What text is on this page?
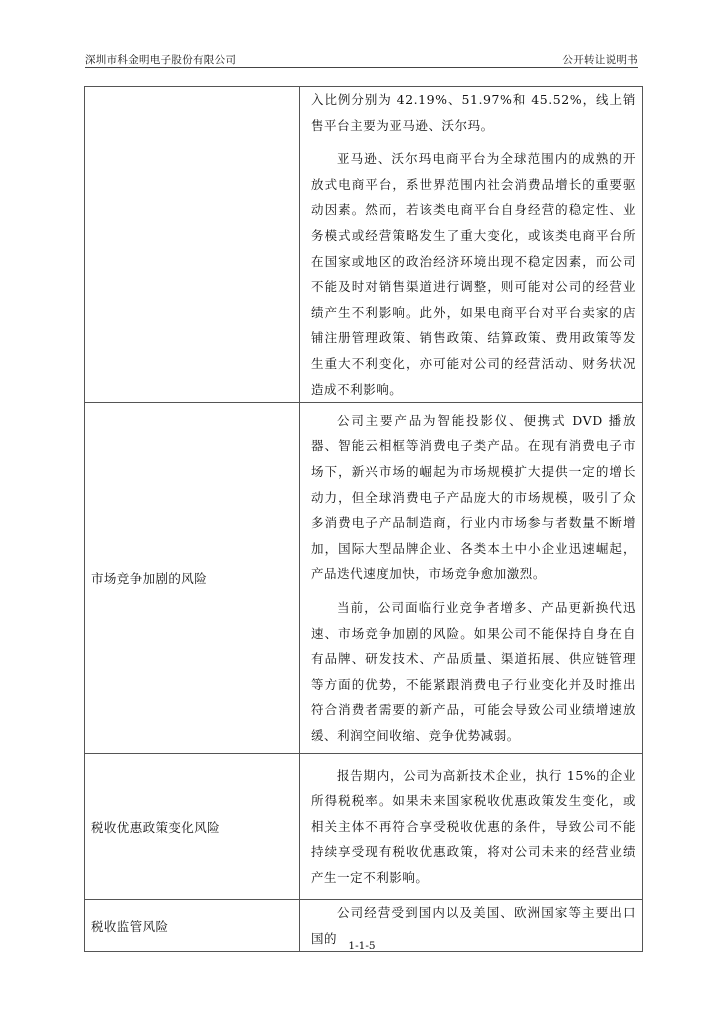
深圳市科金明电子股份有限公司	公开转让说明书

	入比例分别为 42.19%、51.97%和 45.52%，线上销售平台主要为亚马逊、沃尔玛。

亚马逊、沃尔玛电商平台为全球范围内的成熟的开放式电商平台，系世界范围内社会消费品增长的重要驱动因素。然而，若该类电商平台自身经营的稳定性、业务模式或经营策略发生了重大变化，或该类电商平台所在国家或地区的政治经济环境出现不稳定因素，而公司不能及时对销售渠道进行调整，则可能对公司的经营业绩产生不利影响。此外，如果电商平台对平台卖家的店铺注册管理政策、销售政策、结算政策、费用政策等发生重大不利变化，亦可能对公司的经营活动、财务状况造成不利影响。

市场竞争加剧的风险	公司主要产品为智能投影仪、便携式 DVD 播放器、智能云相框等消费电子类产品。在现有消费电子市场下，新兴市场的崛起为市场规模扩大提供一定的增长动力，但全球消费电子产品庞大的市场规模，吸引了众多消费电子产品制造商，行业内市场参与者数量不断增加，国际大型品牌企业、各类本土中小企业迅速崛起，产品迭代速度加快，市场竞争愈加激烈。

当前，公司面临行业竞争者增多、产品更新换代迅速、市场竞争加剧的风险。如果公司不能保持自身在自有品牌、研发技术、产品质量、渠道拓展、供应链管理等方面的优势，不能紧跟消费电子行业变化并及时推出符合消费者需要的新产品，可能会导致公司业绩增速放缓、利润空间收缩、竞争优势减弱。

税收优惠政策变化风险	报告期内，公司为高新技术企业，执行 15%的企业所得税税率。如果未来国家税收优惠政策发生变化，或相关主体不再符合享受税收优惠的条件，导致公司不能持续享受现有税收优惠政策，将对公司未来的经营业绩产生一定不利影响。

税收监管风险	公司经营受到国内以及美国、欧洲国家等主要出口国的

1-1-5
